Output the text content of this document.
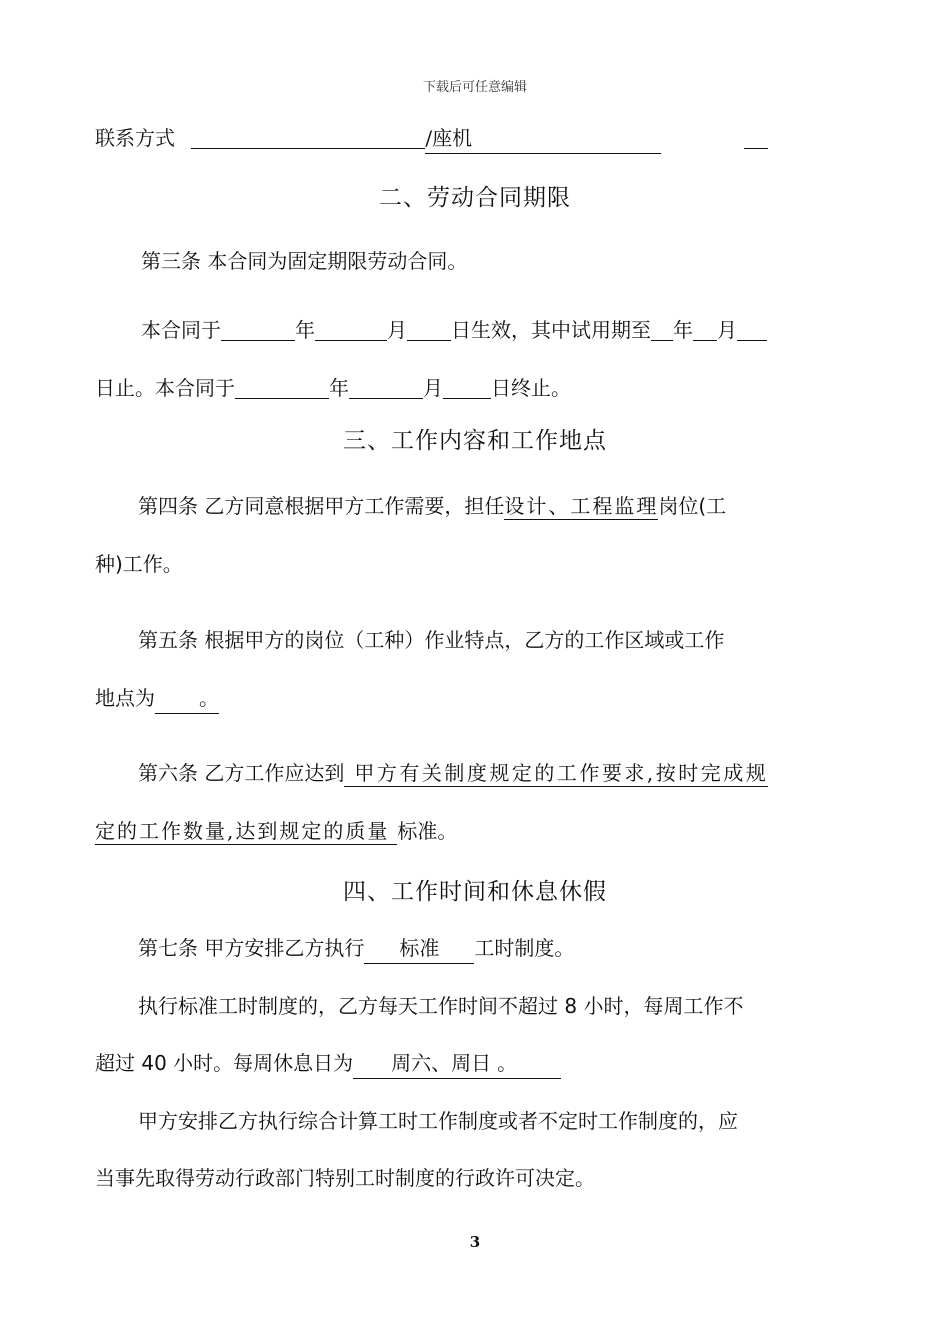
下载后可任意编辑
联系方式	/座机
二、劳动合同期限
第三条 本合同为固定期限劳动合同。
本合同于	年	月 日生效，其中试用期至 年 月
日止。本合同于	年	月 日终止。
三、工作内容和工作地点
第四条 乙方同意根据甲方工作需要，担任设计、工程监理岗位(工
种)工作。
第五条 根据甲方的岗位（工种）作业特点，乙方的工作区域或工作
地点为 。
第六条 乙方工作应达到 甲方有关制度规定的工作要求,按时完成规
定的工作数量,达到规定的质量 标准。
四、工作时间和休息休假
第七条 甲方安排乙方执行 标准 工时制度。
执行标准工时制度的，乙方每天工作时间不超过 8 小时，每周工作不
超过 40 小时。每周休息日为 周六、周日 。
甲方安排乙方执行综合计算工时工作制度或者不定时工作制度的，应
当事先取得劳动行政部门特别工时制度的行政许可决定。
3
